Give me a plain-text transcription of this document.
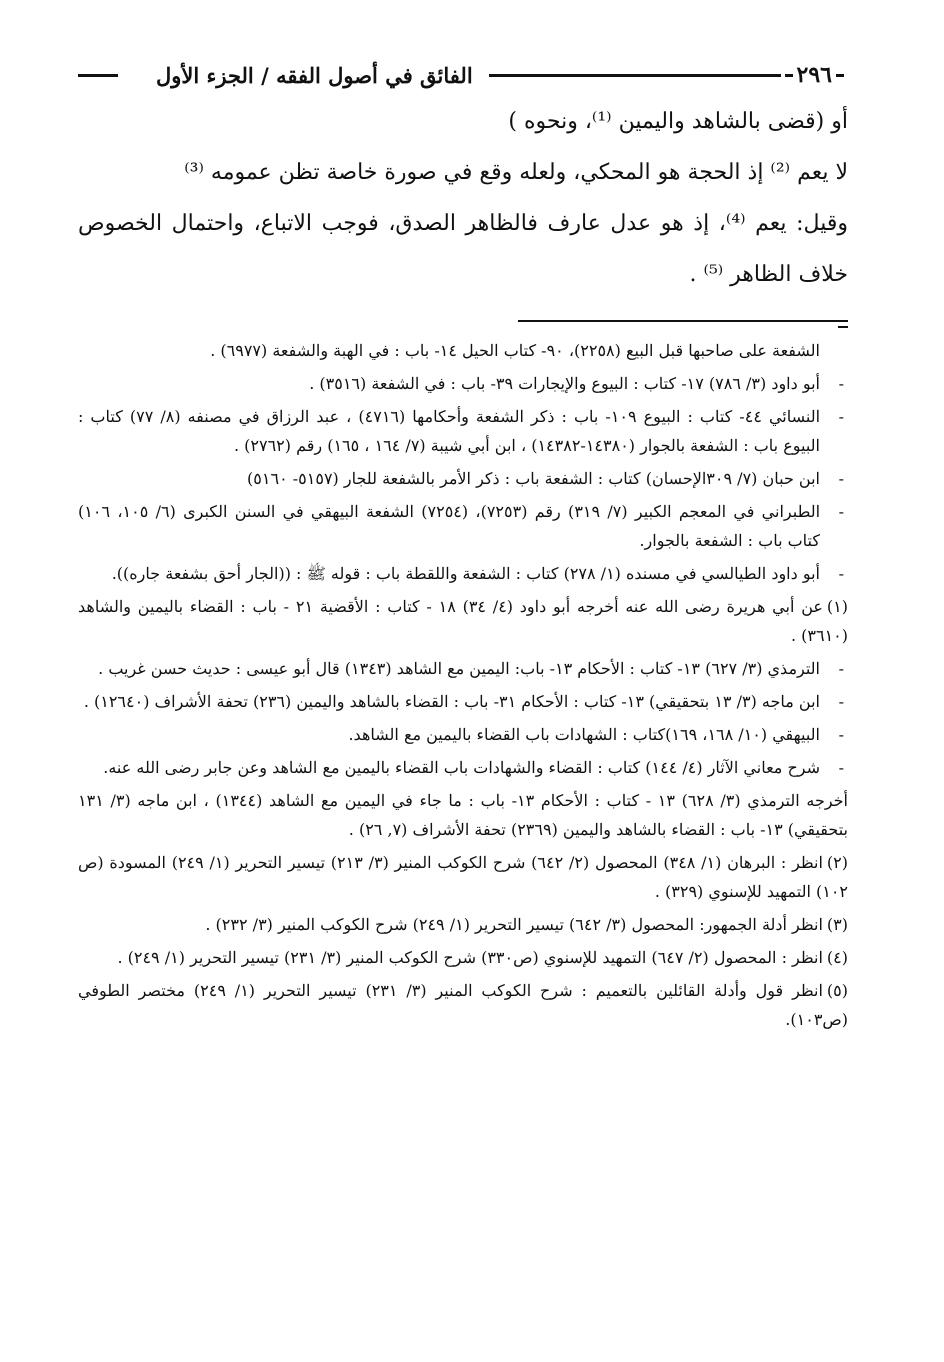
٢٩٦
الفائق في أصول الفقه / الجزء الأول

أو (قضى بالشاهد واليمين ⁽¹⁾، ونحوه )

لا يعم ⁽²⁾ إذ الحجة هو المحكي، ولعله وقع في صورة خاصة تظن عمومه ⁽³⁾

وقيل: يعم ⁽⁴⁾، إذ هو عدل عارف فالظاهر الصدق، فوجب الاتباع، واحتمال الخصوص خلاف الظاهر ⁽⁵⁾ .

الشفعة على صاحبها قبل البيع (٢٢٥٨)، ٩٠- كتاب الحيل ١٤- باب : في الهبة والشفعة (٦٩٧٧) .

-
أبو داود (٣/ ٧٨٦) ١٧- كتاب : البيوع والإيجارات ٣٩- باب : في الشفعة (٣٥١٦) .

-
النسائي ٤٤- كتاب : البيوع ١٠٩- باب : ذكر الشفعة وأحكامها (٤٧١٦) ، عبد الرزاق في مصنفه (٨/ ٧٧) كتاب : البيوع باب : الشفعة بالجوار (١٤٣٨٠-١٤٣٨٢) ، ابن أبي شيبة (٧/ ١٦٤ ، ١٦٥) رقم (٢٧٦٢) .

-
ابن حبان (٧/ ٣٠٩الإحسان) كتاب : الشفعة باب : ذكر الأمر بالشفعة للجار (٥١٥٧- ٥١٦٠)

-
الطبراني في المعجم الكبير (٧/ ٣١٩) رقم (٧٢٥٣)، (٧٢٥٤) الشفعة البيهقي في السنن الكبرى (٦/ ١٠٥، ١٠٦) كتاب باب : الشفعة بالجوار.

-
أبو داود الطيالسي في مسنده (١/ ٢٧٨) كتاب : الشفعة واللقطة باب : قوله ﷺ : ((الجار أحق بشفعة جاره)).

(١)عن أبي هريرة رضى الله عنه أخرجه أبو داود (٤/ ٣٤) ١٨ - كتاب : الأقضية ٢١ - باب : القضاء باليمين والشاهد (٣٦١٠) .

-
الترمذي (٣/ ٦٢٧) ١٣- كتاب : الأحكام ١٣- باب: اليمين مع الشاهد (١٣٤٣) قال أبو عيسى : حديث حسن غريب .

-
ابن ماجه (٣/ ١٣ بتحقيقي) ١٣- كتاب : الأحكام ٣١- باب : القضاء بالشاهد واليمين (٢٣٦) تحفة الأشراف (١٢٦٤٠) .

-
البيهقي (١٠/ ١٦٨، ١٦٩)كتاب : الشهادات باب القضاء باليمين مع الشاهد.

-
شرح معاني الآثار (٤/ ١٤٤) كتاب : القضاء والشهادات باب القضاء باليمين مع الشاهد وعن جابر رضى الله عنه.

أخرجه الترمذي (٣/ ٦٢٨) ١٣ - كتاب : الأحكام ١٣- باب : ما جاء في اليمين مع الشاهد (١٣٤٤) ، ابن ماجه (٣/ ١٣١ بتحقيقي) ١٣- باب : القضاء بالشاهد واليمين (٢٣٦٩) تحفة الأشراف (٧, ٢٦) .

(٢)انظر : البرهان (١/ ٣٤٨) المحصول (٢/ ٦٤٢) شرح الكوكب المنير (٣/ ٢١٣) تيسير التحرير (١/ ٢٤٩) المسودة (ص ١٠٢) التمهيد للإسنوي (٣٢٩) .

(٣)انظر أدلة الجمهور: المحصول (٣/ ٦٤٢) تيسير التحرير (١/ ٢٤٩) شرح الكوكب المنير (٣/ ٢٣٢) .

(٤)انظر : المحصول (٢/ ٦٤٧) التمهيد للإسنوي (ص٣٣٠) شرح الكوكب المنير (٣/ ٢٣١) تيسير التحرير (١/ ٢٤٩) .

(٥)انظر قول وأدلة القائلين بالتعميم : شرح الكوكب المنير (٣/ ٢٣١) تيسير التحرير (١/ ٢٤٩) مختصر الطوفي (ص١٠٣).
